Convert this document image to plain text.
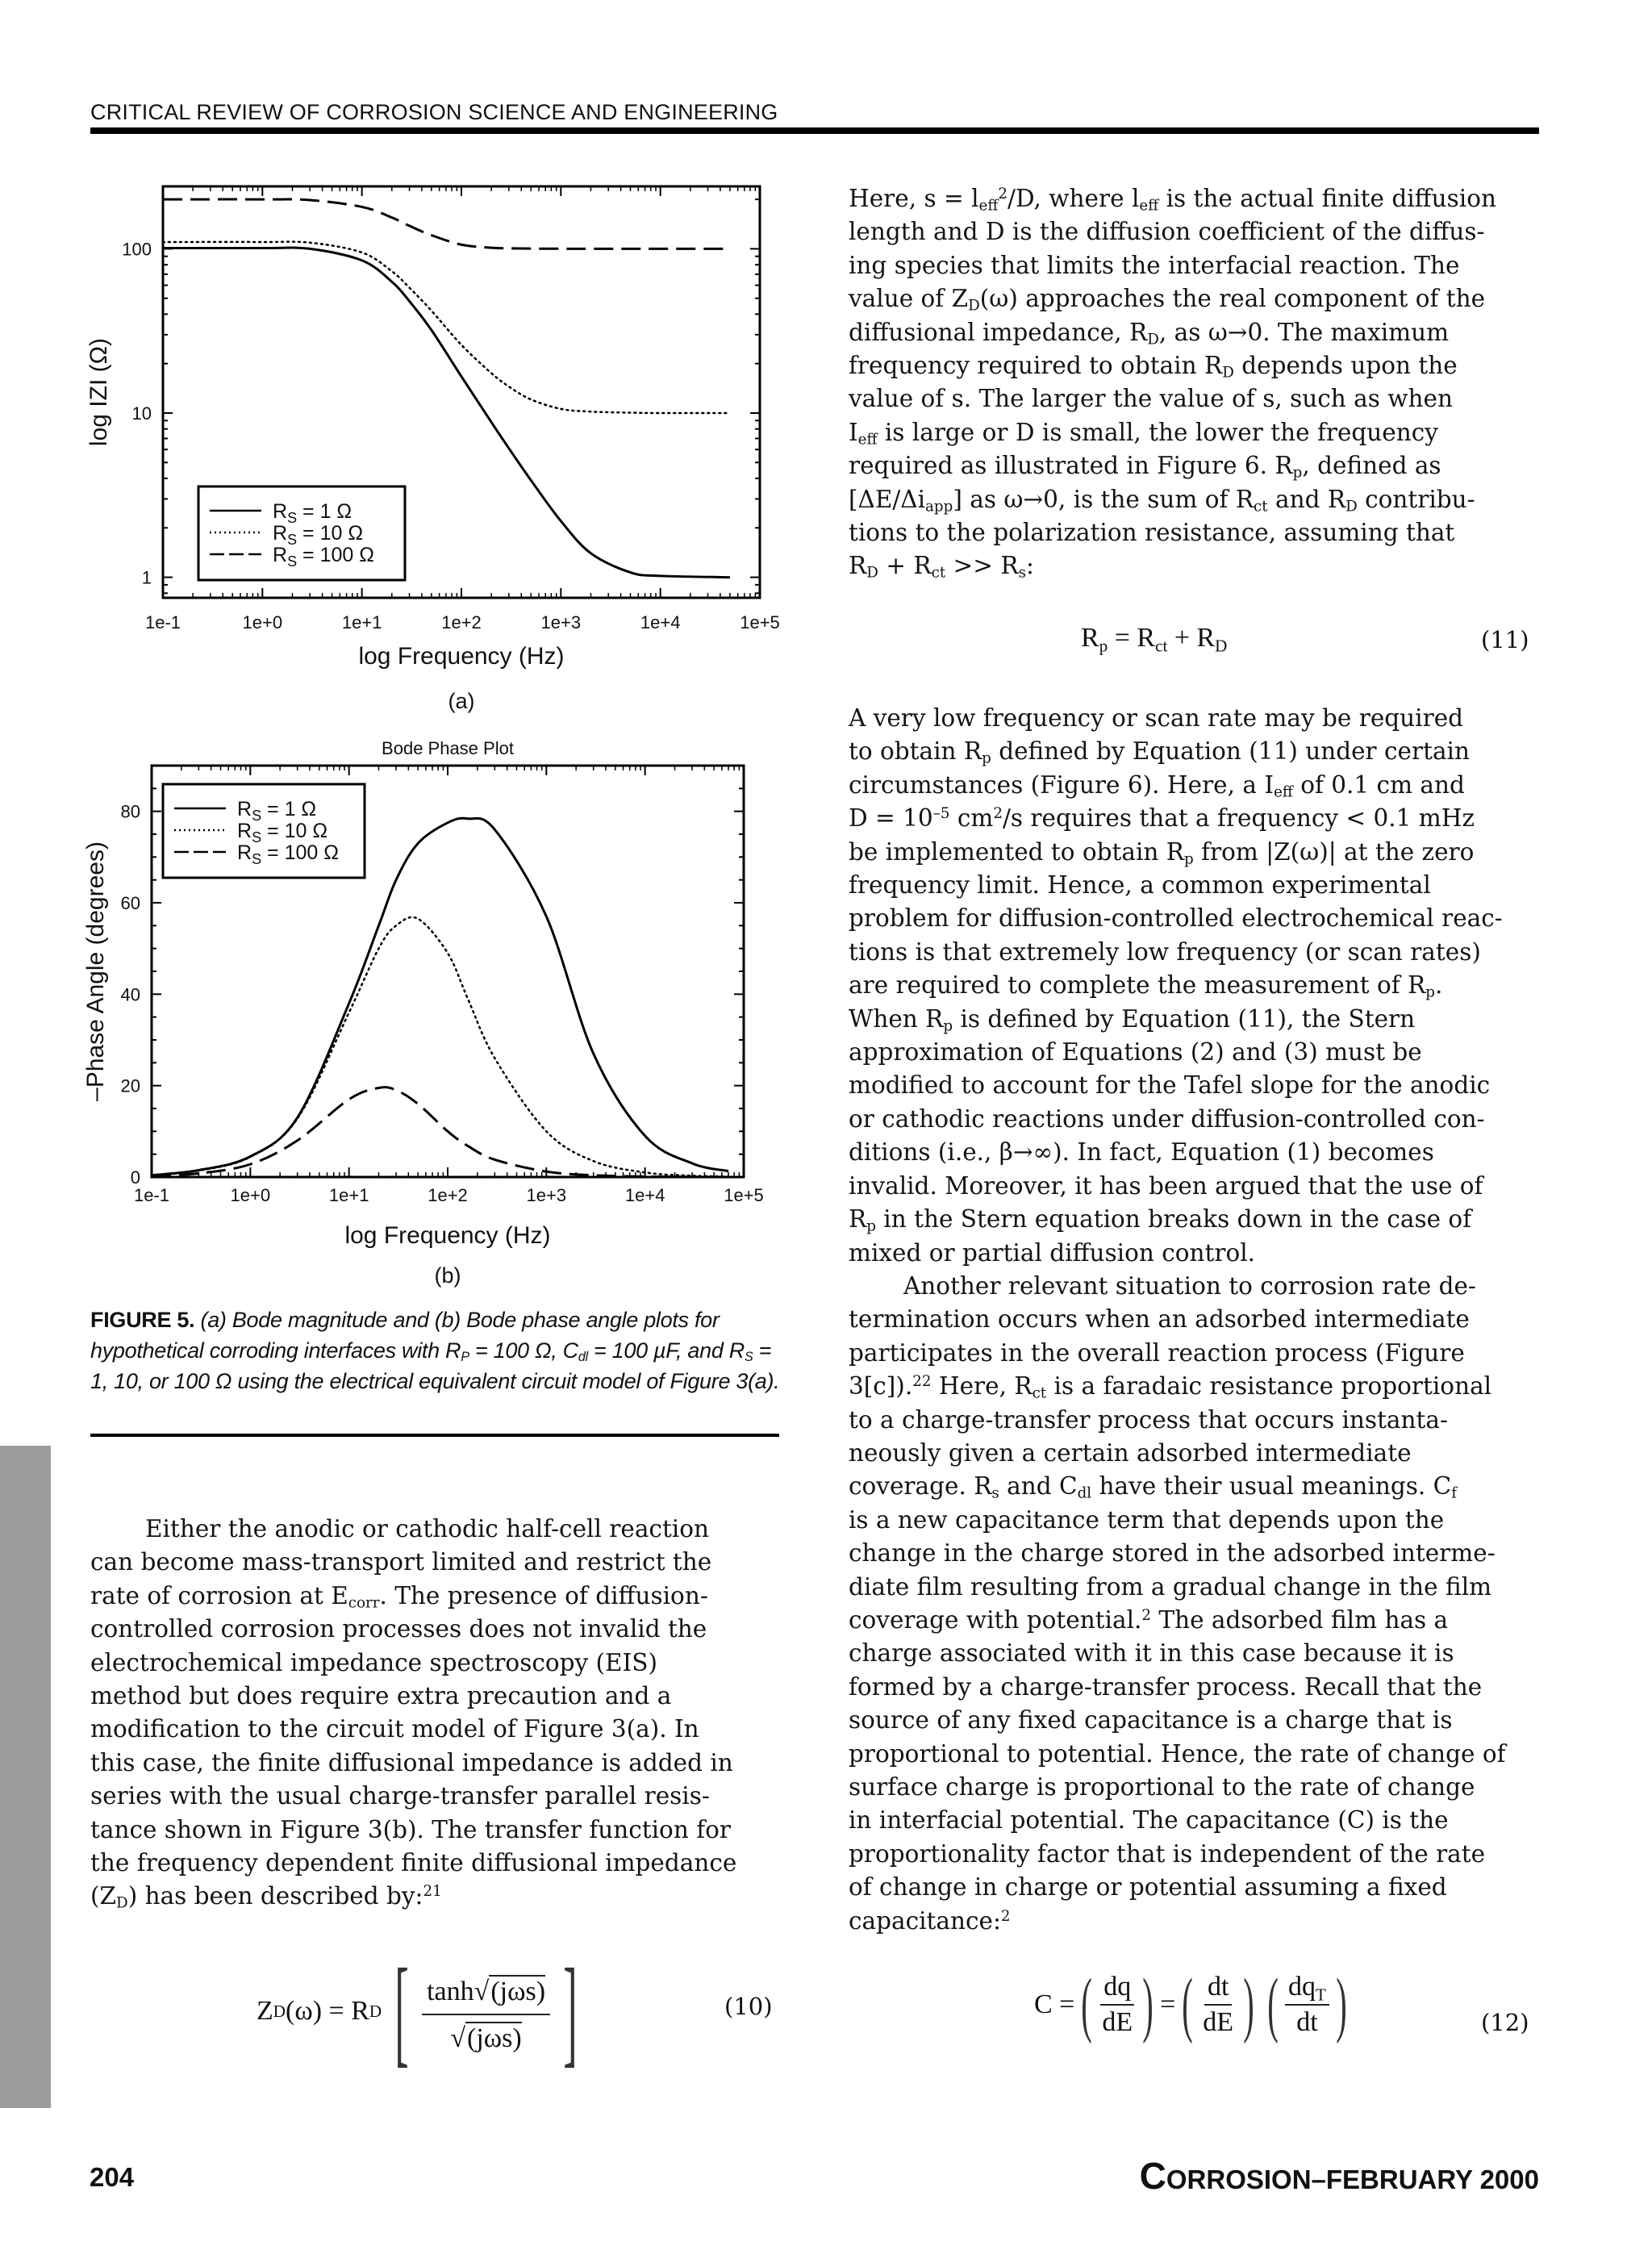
CRITICAL REVIEW OF CORROSION SCIENCE AND ENGINEERING
1e-1	1e+0	1e+1	1e+2	1e+3	1e+4	1e+5
1
10
100
log Frequency (Hz)
log IZI (Ω)
$R_S = 1$ Ω
$R_S = 10$ Ω
$R_S = 100$ Ω
(a)
1e-1	1e+0	1e+1	1e+2	1e+3	1e+4	1e+5
0
20
40
60
80
log Frequency (Hz)
–Phase Angle (degrees)
Bode Phase Plot
$R_S = 1$ Ω
$R_S = 10$ Ω
$R_S = 100$ Ω
(b)
FIGURE 5. (a) Bode magnitude and (b) Bode phase angle plots for hypothetical corroding interfaces with $R_P = 100$ Ω, $C_{dl} = 100$ µF, and $R_S = 1$, 10, or 100 Ω using the electrical equivalent circuit model of Figure 3(a).
Either the anodic or cathodic half-cell reaction
can become mass-transport limited and restrict the
rate of corrosion at $E_{corr}$. The presence of diffusion-
controlled corrosion processes does not invalid the
electrochemical impedance spectroscopy (EIS)
method but does require extra precaution and a
modification to the circuit model of Figure 3(a). In
this case, the finite diffusional impedance is added in
series with the usual charge-transfer parallel resis-
tance shown in Figure 3(b). The transfer function for
the frequency dependent finite diffusional impedance
$(Z_D)$ has been described by:$^{21}$
Z D (ω) = R D [ $\frac{\text{tanh√(jωs)}}{\text{√(jωs)}}$ ]	(10)
Here, $s = l_{eff}^2/D$, where $l_{eff}$ is the actual finite diffusion
length and D is the diffusion coefficient of the diffus-
ing species that limits the interfacial reaction. The
value of $Z_D(\omega)$ approaches the real component of the
diffusional impedance, $R_D$, as ω→0. The maximum
frequency required to obtain $R_D$ depends upon the
value of s. The larger the value of s, such as when
$I_{eff}$ is large or D is small, the lower the frequency
required as illustrated in Figure 6. $R_p$, defined as
$[\Delta E/\Delta i_{app}]$ as ω→0, is the sum of $R_{ct}$ and $R_D$ contribu-
tions to the polarization resistance, assuming that
$R_D + R_{ct} >> R_s$:
$R_p = R_{ct} + R_D$	(11)
A very low frequency or scan rate may be required
to obtain $R_p$ defined by Equation (11) under certain
circumstances (Figure 6). Here, a $I_{eff}$ of 0.1 cm and
$D = 10^{-5}$ $cm^2/s$ requires that a frequency < 0.1 mHz
be implemented to obtain $R_p$ from |Z(ω)| at the zero
frequency limit. Hence, a common experimental
problem for diffusion-controlled electrochemical reac-
tions is that extremely low frequency (or scan rates)
are required to complete the measurement of $R_p$.
When $R_p$ is defined by Equation (11), the Stern
approximation of Equations (2) and (3) must be
modified to account for the Tafel slope for the anodic
or cathodic reactions under diffusion-controlled con-
ditions (i.e., β→∞). In fact, Equation (1) becomes
invalid. Moreover, it has been argued that the use of
$R_p$ in the Stern equation breaks down in the case of
mixed or partial diffusion control.
Another relevant situation to corrosion rate de-
termination occurs when an adsorbed intermediate
participates in the overall reaction process (Figure
3[c]).$^{22}$ Here, $R_{ct}$ is a faradaic resistance proportional
to a charge-transfer process that occurs instanta-
neously given a certain adsorbed intermediate
coverage. $R_s$ and $C_{dl}$ have their usual meanings. $C_f$
is a new capacitance term that depends upon the
change in the charge stored in the adsorbed interme-
diate film resulting from a gradual change in the film
coverage with potential.$^2$ The adsorbed film has a
charge associated with it in this case because it is
formed by a charge-transfer process. Recall that the
source of any fixed capacitance is a charge that is
proportional to potential. Hence, the rate of change of
surface charge is proportional to the rate of change
in interfacial potential. The capacitance (C) is the
proportionality factor that is independent of the rate
of change in charge or potential assuming a fixed
capacitance:$^2$
C = ( $\frac{dq}{dE}$ ) = ( $\frac{dt}{dE}$ ) ( $\frac{dq_T}{dt}$ )	(12)
204	CORROSION–FEBRUARY 2000
